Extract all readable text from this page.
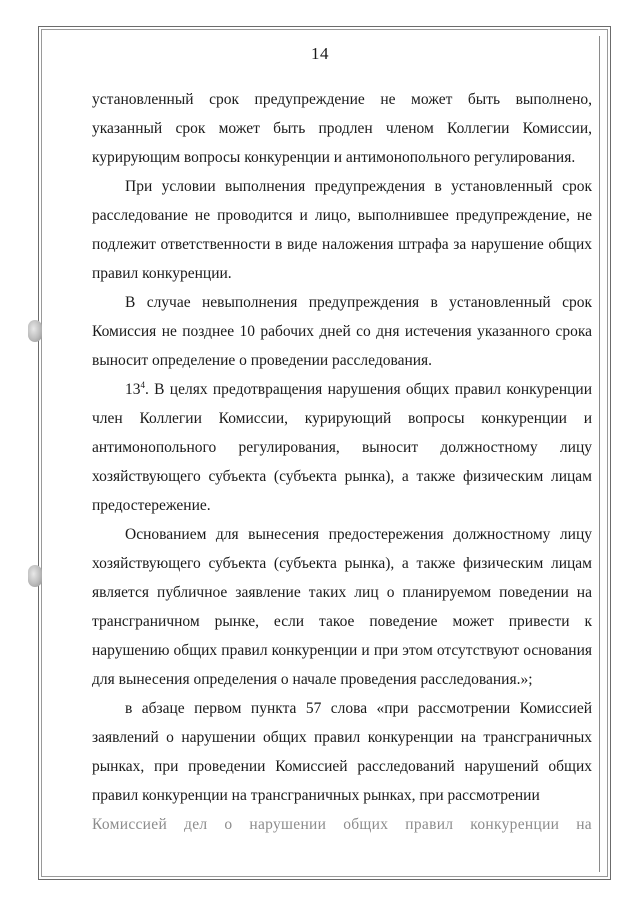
14

установленный срок предупреждение не может быть выполнено, указанный срок может быть продлен членом Коллегии Комиссии, курирующим вопросы конкуренции и антимонопольного регулирования.

При условии выполнения предупреждения в установленный срок расследование не проводится и лицо, выполнившее предупреждение, не подлежит ответственности в виде наложения штрафа за нарушение общих правил конкуренции.

В случае невыполнения предупреждения в установленный срок Комиссия не позднее 10 рабочих дней со дня истечения указанного срока выносит определение о проведении расследования.

$13^4$. В целях предотвращения нарушения общих правил конкуренции член Коллегии Комиссии, курирующий вопросы конкуренции и антимонопольного регулирования, выносит должностному лицу хозяйствующего субъекта (субъекта рынка), а также физическим лицам предостережение.

Основанием для вынесения предостережения должностному лицу хозяйствующего субъекта (субъекта рынка), а также физическим лицам является публичное заявление таких лиц о планируемом поведении на трансграничном рынке, если такое поведение может привести к нарушению общих правил конкуренции и при этом отсутствуют основания для вынесения определения о начале проведения расследования.»;

в абзаце первом пункта 57 слова «при рассмотрении Комиссией заявлений о нарушении общих правил конкуренции на трансграничных рынках, при проведении Комиссией расследований нарушений общих правил конкуренции на трансграничных рынках, при рассмотрении

Комиссией дел о нарушении общих правил конкуренции на
